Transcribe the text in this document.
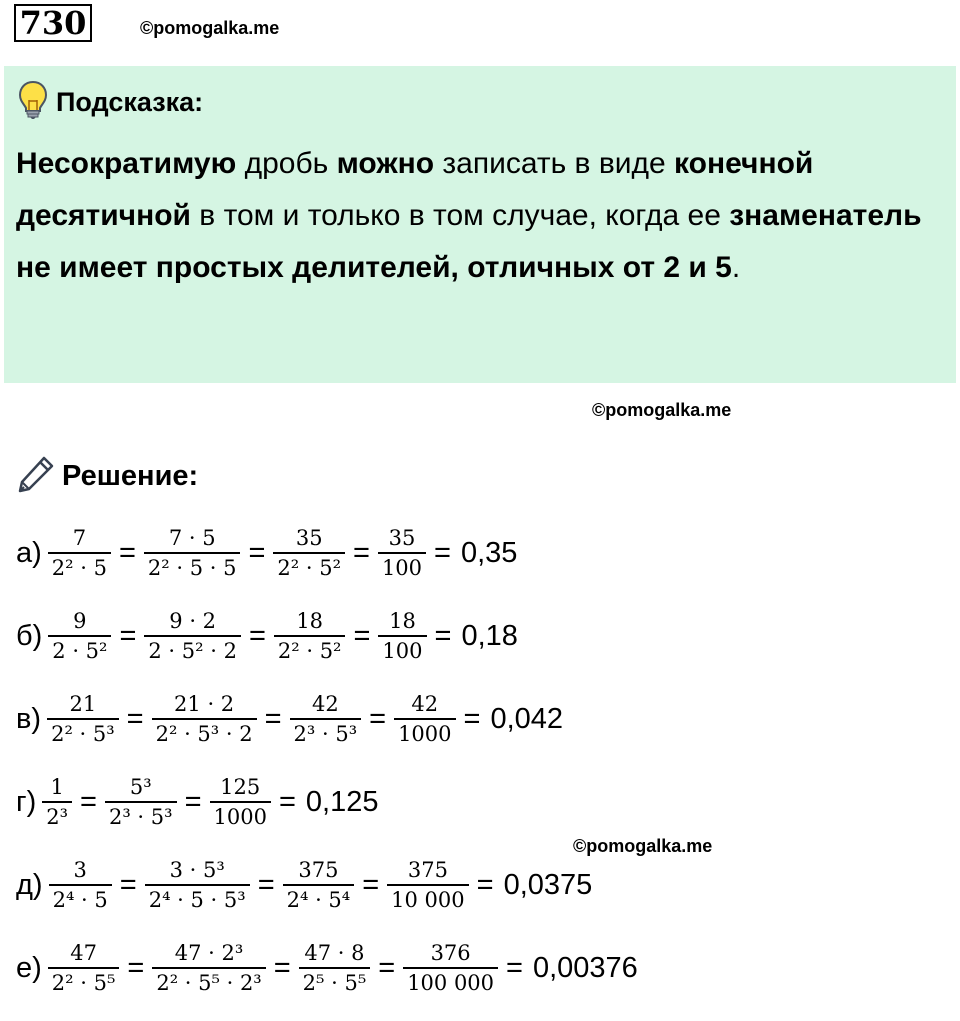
730	©pomogalka.me
Подсказка:
Несократимую дробь можно записать в виде конечной десятичной в том и только в том случае, когда ее знаменатель не имеет простых делителей, отличных от 2 и 5.
©pomogalka.me
Решение:
$а) \frac{7}{\text{2² · 5}} = \frac{7 \cdot 5}{\text{2² · 5 · 5}} = \frac{35}{\text{2² · 5²}} = \frac{35}{100} = 0,35$
$б) \frac{9}{\text{2 · 5²}} = \frac{9 \cdot 2}{\text{2 · 5² · 2}} = \frac{18}{\text{2² · 5²}} = \frac{18}{100} = 0,18$
$в) \frac{21}{\text{2² · 5³}} = \frac{21 \cdot 2}{\text{2² · 5³ · 2}} = \frac{42}{\text{2³ · 5³}} = \frac{42}{1000} = 0,042$
$г) \frac{1}{\text{2³}} = \frac{\text{5³}}{\text{2³ · 5³}} = \frac{125}{1000} = 0,125$
$д) \frac{3}{\text{2⁴ · 5}} = \frac{\text{3 · 5³}}{\text{2⁴ · 5 · 5³}} = \frac{375}{\text{2⁴ · 5⁴}} = \frac{375}{10 000} = 0,0375$
$е) \frac{47}{\text{2² · 5⁵}} = \frac{\text{47 · 2³}}{\text{2² · 5⁵ · 2³}} = \frac{47 \cdot 8}{\text{2⁵ · 5⁵}} = \frac{376}{100 000} = 0,00376$
©pomogalka.me
